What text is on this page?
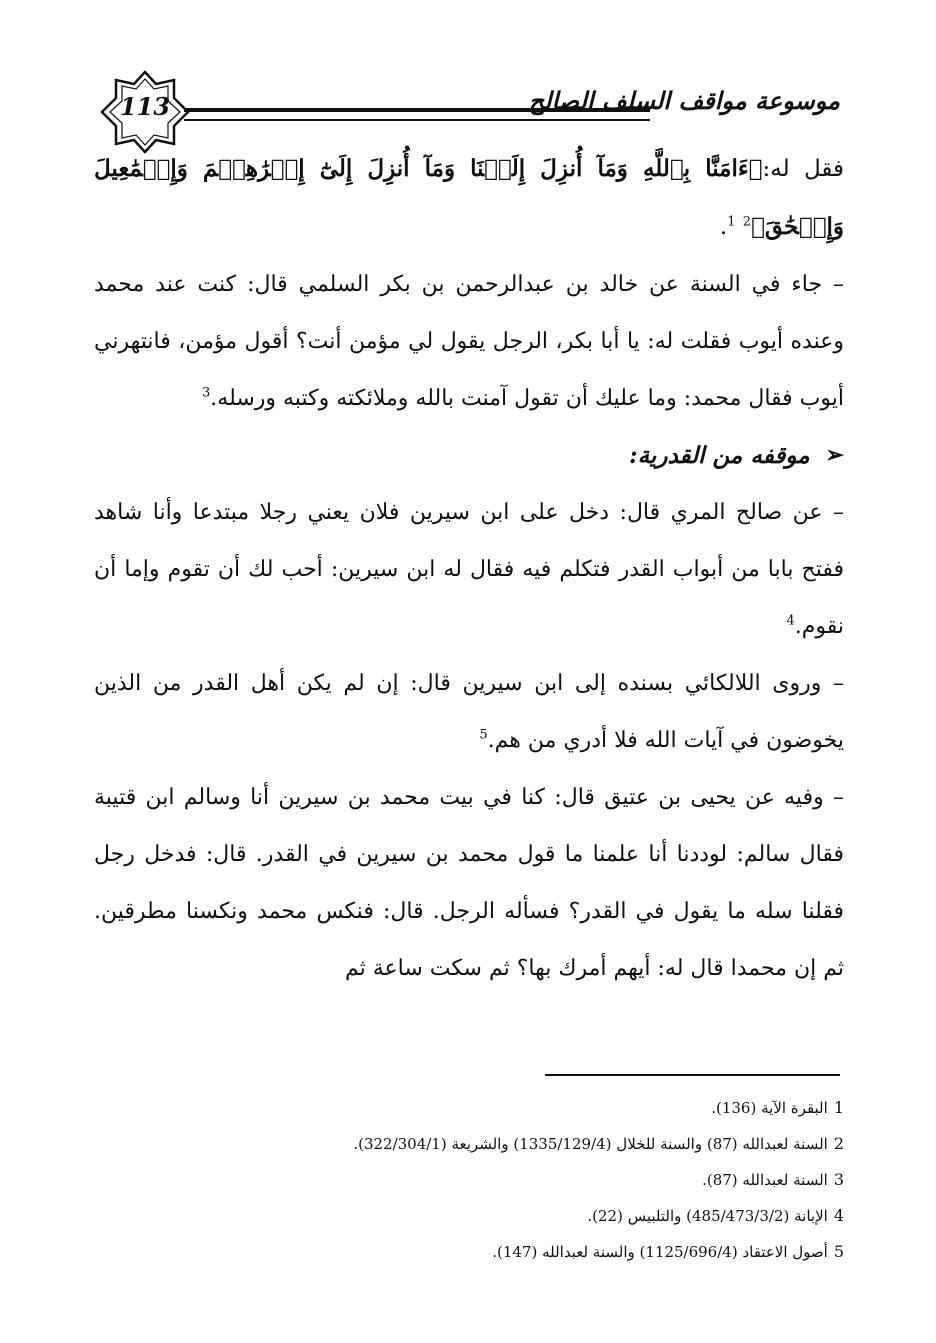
113	موسوعة مواقف السلف الصالح

فقل له:﴿ءَامَنَّا بِٱللَّهِ وَمَآ أُنزِلَ إِلَيۡنَا وَمَآ أُنزِلَ إِلَىٰٓ إِبۡرَٰهِـۧمَ وَإِسۡمَٰعِيلَ وَإِسۡحَٰقَ﴾$^1$ $^2$.

– جاء في السنة عن خالد بن عبدالرحمن بن بكر السلمي قال: كنت عند محمد وعنده أيوب فقلت له: يا أبا بكر، الرجل يقول لي مؤمن أنت؟ أقول مؤمن، فانتهرني أيوب فقال محمد: وما عليك أن تقول آمنت بالله وملائكته وكتبه ورسله.$^3$

➢
موقفه من القدرية:

– عن صالح المري قال: دخل على ابن سيرين فلان يعني رجلا مبتدعا وأنا شاهد ففتح بابا من أبواب القدر فتكلم فيه فقال له ابن سيرين: أحب لك أن تقوم وإما أن نقوم.$^4$

– وروى اللالكائي بسنده إلى ابن سيرين قال: إن لم يكن أهل القدر من الذين يخوضون في آيات الله فلا أدري من هم.$^5$

– وفيه عن يحيى بن عتيق قال: كنا في بيت محمد بن سيرين أنا وسالم ابن قتيبة فقال سالم: لوددنا أنا علمنا ما قول محمد بن سيرين في القدر. قال: فدخل رجل فقلنا سله ما يقول في القدر؟ فسأله الرجل. قال: فنكس محمد ونكسنا مطرقين. ثم إن محمدا قال له: أيهم أمرك بها؟ ثم سكت ساعة ثم

1البقرة الآية (136).

2السنة لعبدالله (87) والسنة للخلال (1335/129/4) والشريعة (322/304/1).

3السنة لعبدالله (87).

4الإبانة (485/473/3/2) والتلبيس (22).

5أصول الاعتقاد (1125/696/4) والسنة لعبدالله (147).
